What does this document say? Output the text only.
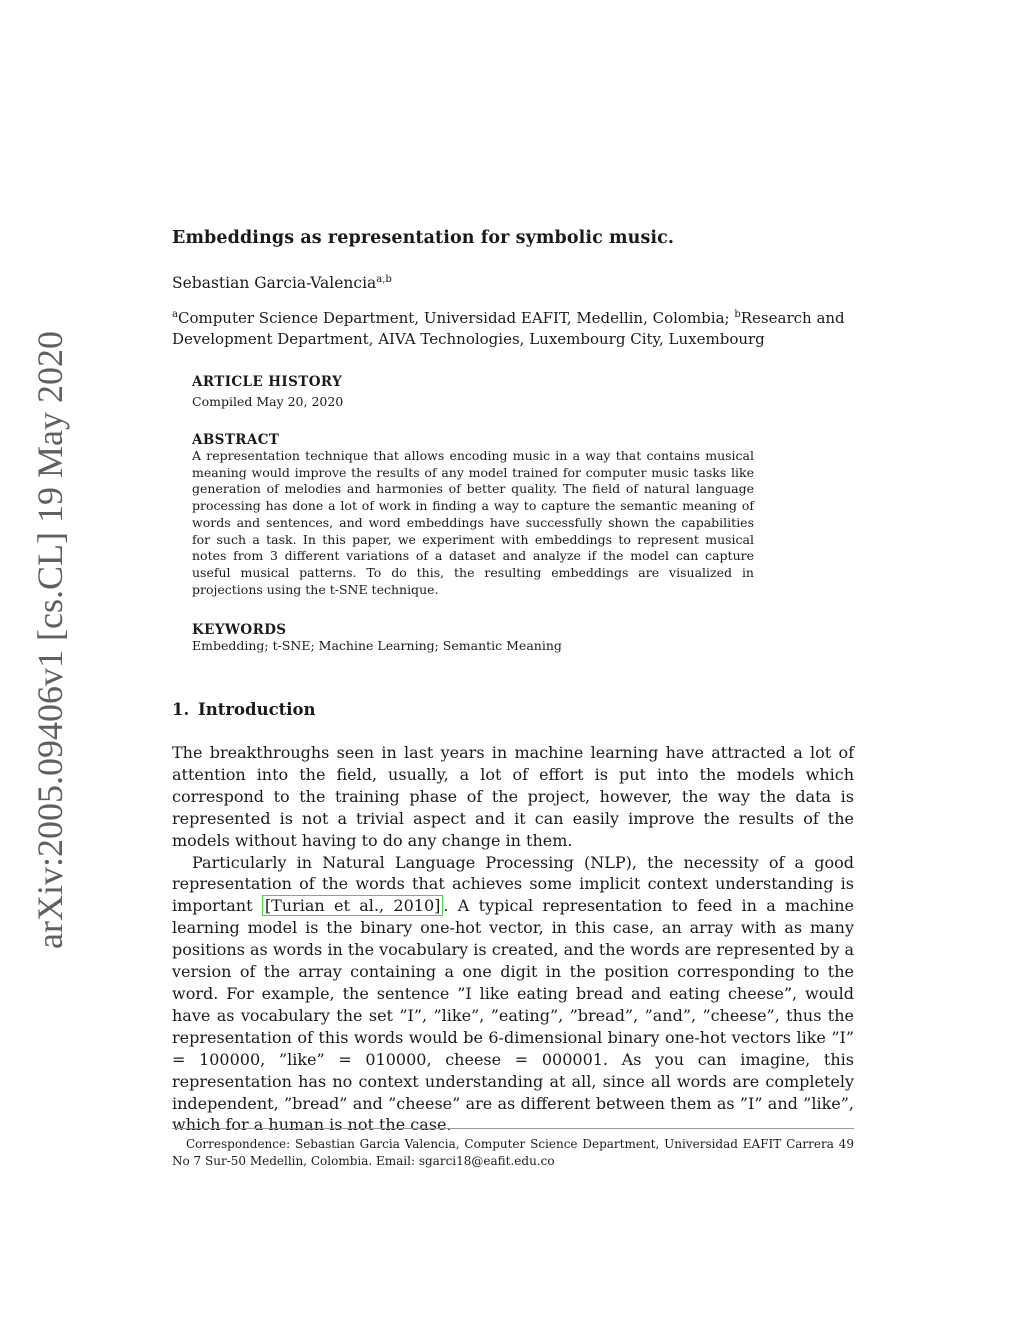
arXiv:2005.09406v1 [cs.CL] 19 May 2020
Embeddings as representation for symbolic music.
Sebastian Garcia-Valencia$^{a,b}$
$^a$Computer Science Department, Universidad EAFIT, Medellin, Colombia; $^b$Research and Development Department, AIVA Technologies, Luxembourg City, Luxembourg
ARTICLE HISTORY
Compiled May 20, 2020
ABSTRACT
A representation technique that allows encoding music in a way that contains musical meaning would improve the results of any model trained for computer music tasks like generation of melodies and harmonies of better quality. The field of natural language processing has done a lot of work in finding a way to capture the semantic meaning of words and sentences, and word embeddings have successfully shown the capabilities for such a task. In this paper, we experiment with embeddings to represent musical notes from 3 different variations of a dataset and analyze if the model can capture useful musical patterns. To do this, the resulting embeddings are visualized in projections using the t-SNE technique.
KEYWORDS
Embedding; t-SNE; Machine Learning; Semantic Meaning
1. Introduction

The breakthroughs seen in last years in machine learning have attracted a lot of attention into the field, usually, a lot of effort is put into the models which correspond to the training phase of the project, however, the way the data is represented is not a trivial aspect and it can easily improve the results of the models without having to do any change in them.

Particularly in Natural Language Processing (NLP), the necessity of a good representation of the words that achieves some implicit context understanding is important [Turian et al., 2010] . A typical representation to feed in a machine learning model is the binary one-hot vector, in this case, an array with as many positions as words in the vocabulary is created, and the words are represented by a version of the array containing a one digit in the position corresponding to the word. For example, the sentence ”I like eating bread and eating cheese”, would have as vocabulary the set ”I”, ”like”, ”eating”, ”bread”, ”and”, ”cheese”, thus the representation of this words would be 6-dimensional binary one-hot vectors like ”I” = 100000, ”like” = 010000, cheese = 000001. As you can imagine, this representation has no context understanding at all, since all words are completely independent, ”bread” and ”cheese” are as different between them as ”I” and ”like”, which for a human is not the case.

Correspondence: Sebastian Garcia Valencia, Computer Science Department, Universidad EAFIT Carrera 49 No 7 Sur-50 Medellin, Colombia. Email: sgarci18@eafit.edu.co
